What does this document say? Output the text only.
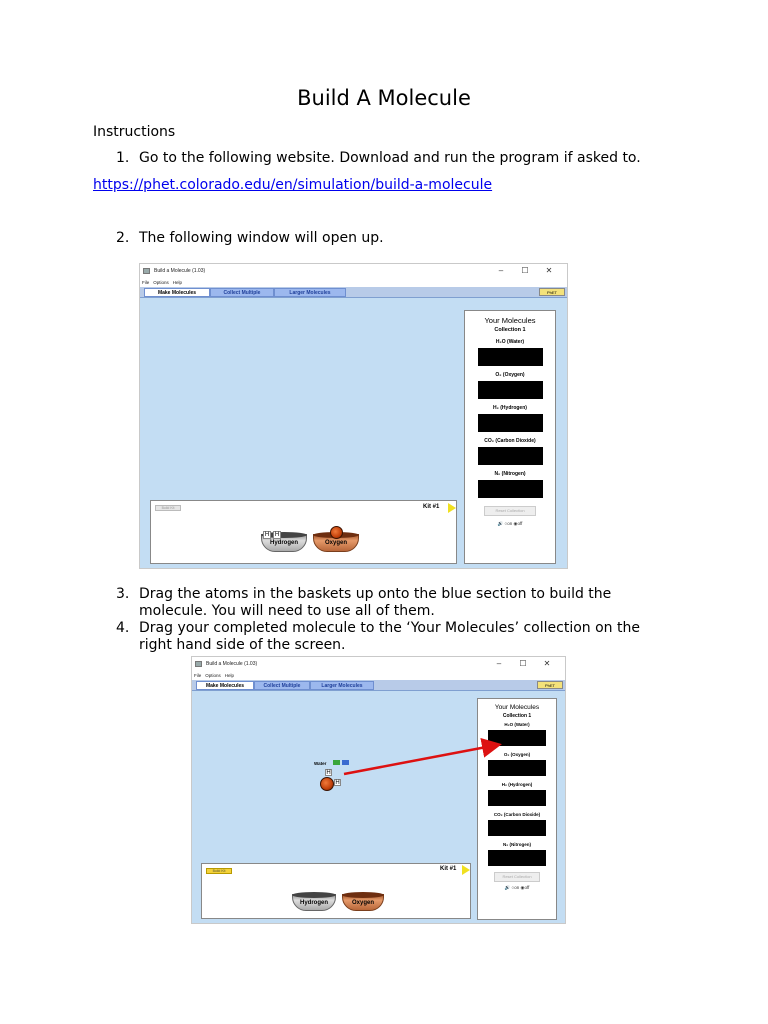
Build A Molecule
Instructions
1. Go to the following website. Download and run the program if asked to.
https://phet.colorado.edu/en/simulation/build-a-molecule
2. The following window will open up.
Build a Molecule (1.03)	– ☐ ✕
File Options Help
Make Molecules	Collect Multiple	Larger Molecules	PhET
Build Kit	Kit #1
Hydrogen
H H
Oxygen
Your Molecules
Collection 1
H₂O (Water)
O₂ (Oxygen)
H₂ (Hydrogen)
CO₂ (Carbon Dioxide)
N₂ (Nitrogen)
Reset Collection
🔊 ○on ◉off
3. Drag the atoms in the baskets up onto the blue section to build the
molecule. You will need to use all of them.
4. Drag your completed molecule to the ‘Your Molecules’ collection on the
right hand side of the screen.
Build a Molecule (1.03)	– ☐ ✕
File Options Help
Make Molecules	Collect Multiple	Larger Molecules	PhET
Water
H
H
Build Kit	Kit #1
Hydrogen	Oxygen
Your Molecules
Collection 1
H₂O (Water)
O₂ (Oxygen)
H₂ (Hydrogen)
CO₂ (Carbon Dioxide)
N₂ (Nitrogen)
Reset Collection
🔊 ○on ◉off
